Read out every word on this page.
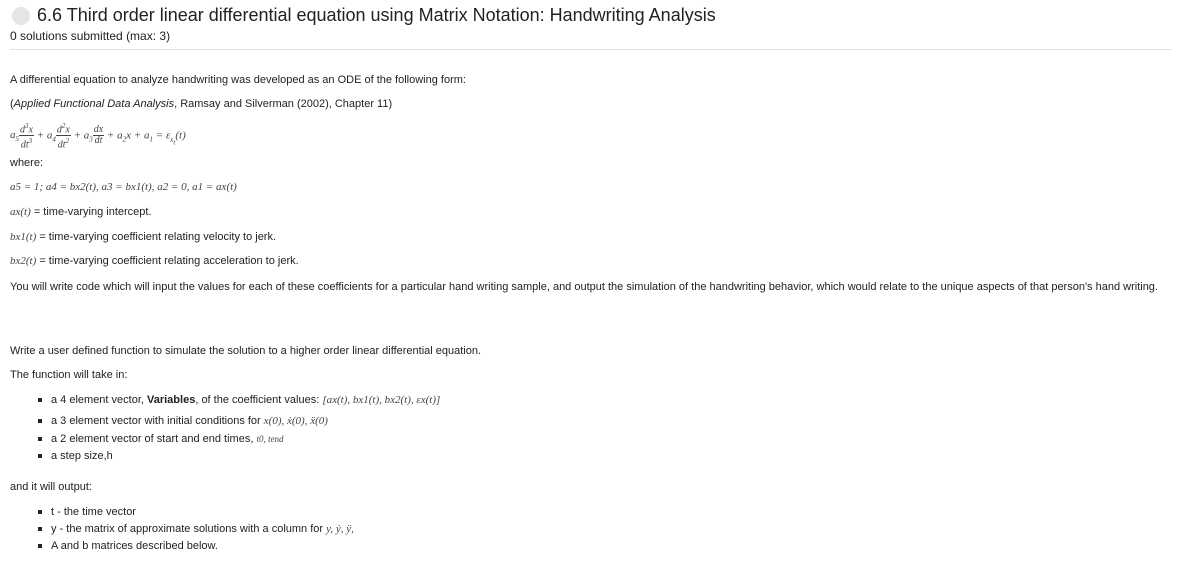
6.6 Third order linear differential equation using Matrix Notation: Handwriting Analysis
0 solutions submitted (max: 3)
A differential equation to analyze handwriting was developed as an ODE of the following form:
(Applied Functional Data Analysis, Ramsay and Silverman (2002), Chapter 11)
$a_5 \frac{d^3x}{dt^3} + a_4 \frac{d^2x}{dt^2} + a_3 \frac{dx}{dt} + a_2x + a_1 = \varepsilon_{x_t}(t)$
where:
a5 = 1; a4 = bx2(t), a3 = bx1(t), a2 = 0, a1 = ax(t)
ax(t) = time-varying intercept.
bx1(t) = time-varying coefficient relating velocity to jerk.
bx2(t) = time-varying coefficient relating acceleration to jerk.
You will write code which will input the values for each of these coefficients for a particular hand writing sample, and output the simulation of the handwriting behavior, which would relate to the unique aspects of that person's hand writing.
Write a user defined function to simulate the solution to a higher order linear differential equation.
The function will take in:
a 4 element vector, Variables, of the coefficient values: [ax(t), bx1(t), bx2(t), εx(t)]
a 3 element vector with initial conditions for x(0), ẋ(0), ẍ(0)
a 2 element vector of start and end times, t0, tend
a step size,h
and it will output:
t - the time vector
y - the matrix of approximate solutions with a column for y, ẏ, ÿ,
A and b matrices described below.
